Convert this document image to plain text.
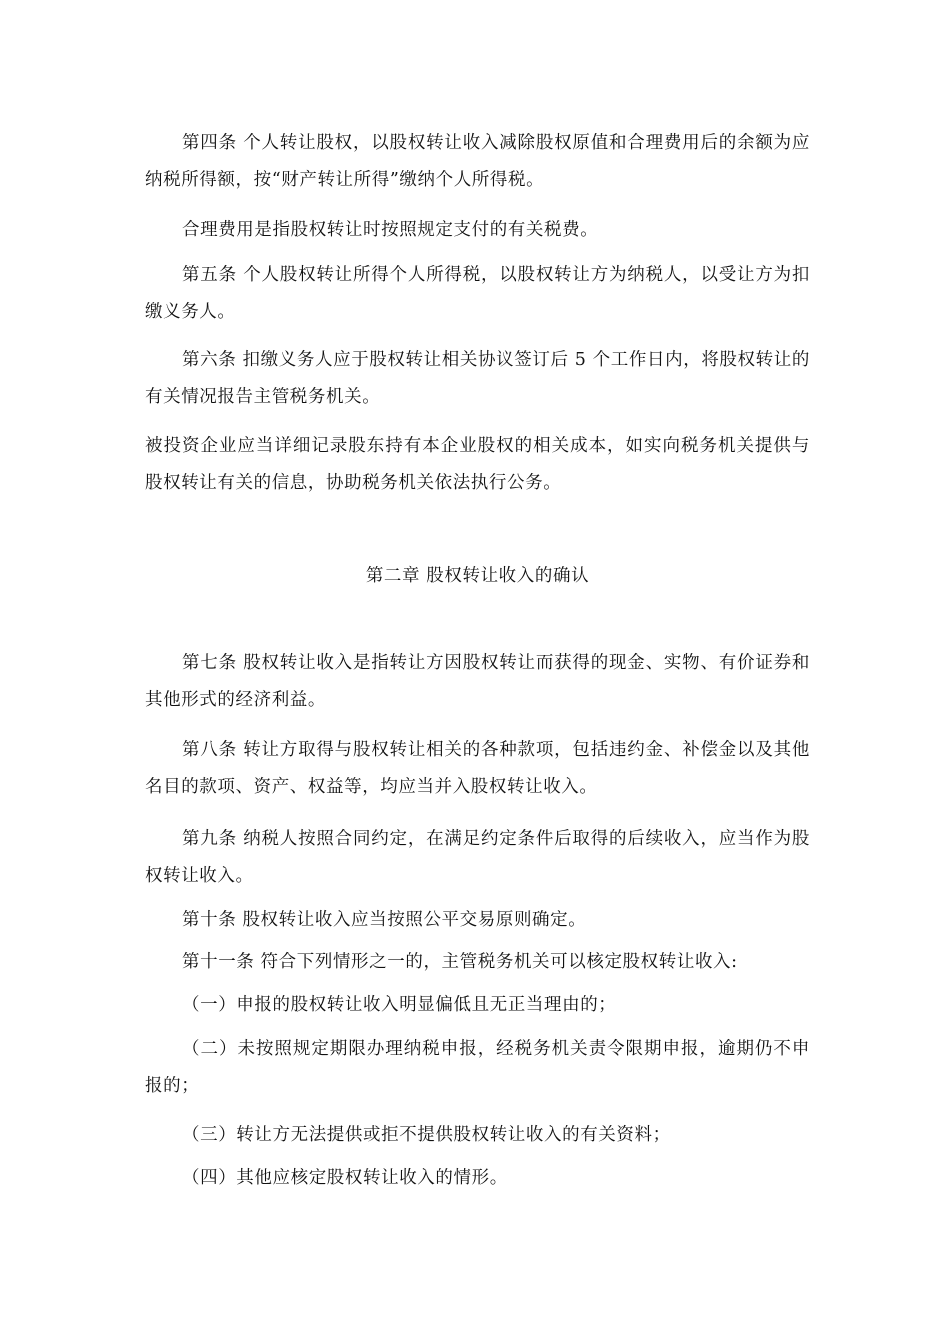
第四条 个人转让股权，以股权转让收入减除股权原值和合理费用后的余额为应纳税所得额，按“财产转让所得”缴纳个人所得税。

合理费用是指股权转让时按照规定支付的有关税费。

第五条 个人股权转让所得个人所得税，以股权转让方为纳税人，以受让方为扣缴义务人。

第六条 扣缴义务人应于股权转让相关协议签订后 5 个工作日内，将股权转让的有关情况报告主管税务机关。

被投资企业应当详细记录股东持有本企业股权的相关成本，如实向税务机关提供与股权转让有关的信息，协助税务机关依法执行公务。

第二章 股权转让收入的确认

第七条 股权转让收入是指转让方因股权转让而获得的现金、实物、有价证券和其他形式的经济利益。

第八条 转让方取得与股权转让相关的各种款项，包括违约金、补偿金以及其他名目的款项、资产、权益等，均应当并入股权转让收入。

第九条 纳税人按照合同约定，在满足约定条件后取得的后续收入，应当作为股权转让收入。

第十条 股权转让收入应当按照公平交易原则确定。

第十一条 符合下列情形之一的，主管税务机关可以核定股权转让收入:

（一）申报的股权转让收入明显偏低且无正当理由的；

（二）未按照规定期限办理纳税申报，经税务机关责令限期申报，逾期仍不申报的；

（三）转让方无法提供或拒不提供股权转让收入的有关资料；

（四）其他应核定股权转让收入的情形。
